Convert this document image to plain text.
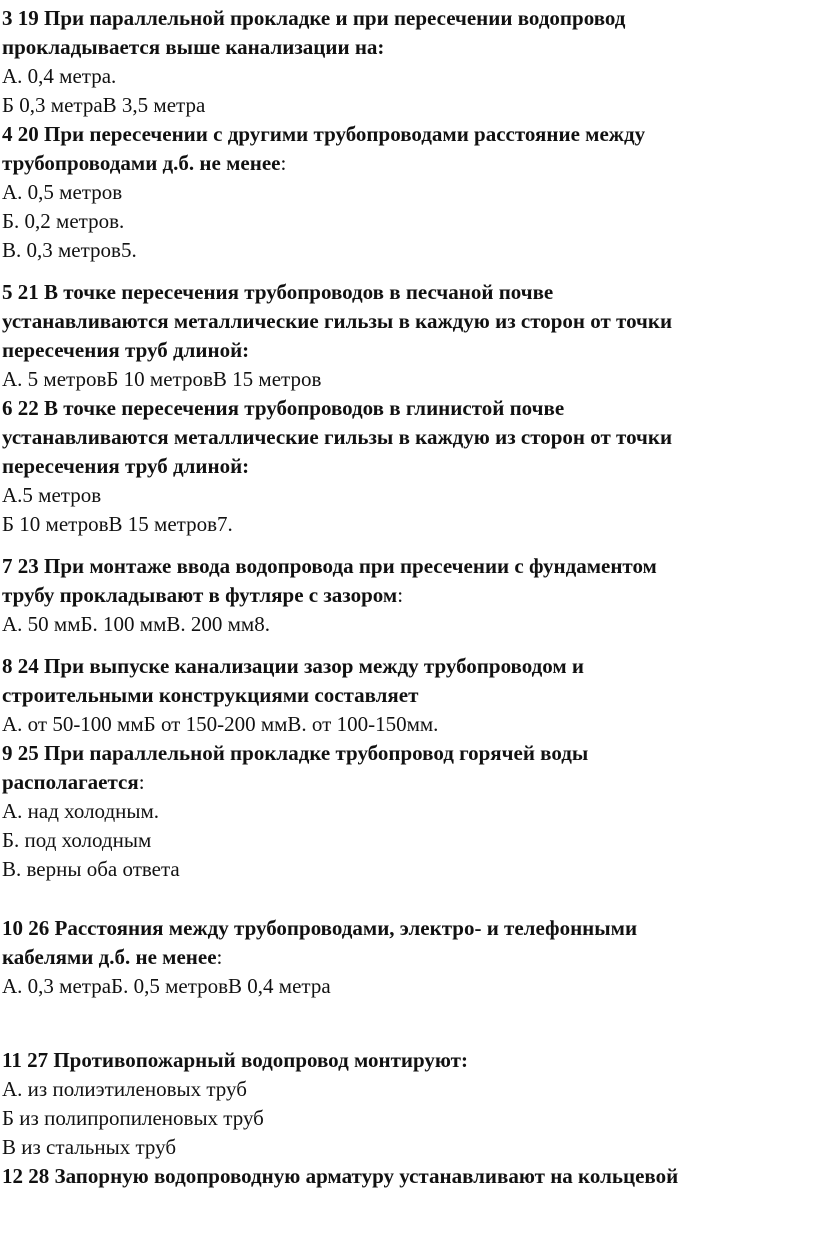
3 19 При параллельной прокладке и при пересечении водопровод
прокладывается выше канализации на:
А. 0,4 метра.
Б 0,3 метраВ 3,5 метра
4 20 При пересечении с другими трубопроводами расстояние между
трубопроводами д.б. не менее:
А. 0,5 метров
Б. 0,2 метров.
В. 0,3 метров5.
5 21 В точке пересечения трубопроводов в песчаной почве
устанавливаются металлические гильзы в каждую из сторон от точки
пересечения труб длиной:
А. 5 метровБ 10 метровВ 15 метров
6 22 В точке пересечения трубопроводов в глинистой почве
устанавливаются металлические гильзы в каждую из сторон от точки
пересечения труб длиной:
А.5 метров
Б 10 метровВ 15 метров7.
7 23 При монтаже ввода водопровода при пресечении с фундаментом
трубу прокладывают в футляре с зазором:
А. 50 ммБ. 100 ммВ. 200 мм8.
8 24 При выпуске канализации зазор между трубопроводом и
строительными конструкциями составляет
А. от 50-100 ммБ от 150-200 ммВ. от 100-150мм.
9 25 При параллельной прокладке трубопровод горячей воды
располагается:
А. над холодным.
Б. под холодным
В. верны оба ответа
10 26 Расстояния между трубопроводами, электро- и телефонными
кабелями д.б. не менее:
А. 0,3 метраБ. 0,5 метровВ 0,4 метра
11 27 Противопожарный водопровод монтируют:
А. из полиэтиленовых труб
Б из полипропиленовых труб
В из стальных труб
12 28 Запорную водопроводную арматуру устанавливают на кольцевой
